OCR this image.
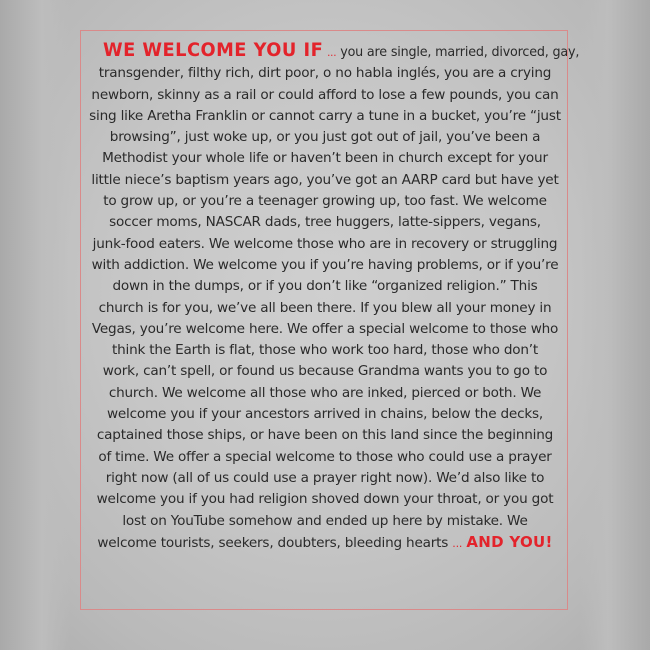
WE WELCOME YOU IF ... you are single, married, divorced, gay,
transgender, filthy rich, dirt poor, o no habla inglés, you are a crying
newborn, skinny as a rail or could afford to lose a few pounds, you can
sing like Aretha Franklin or cannot carry a tune in a bucket, you’re “just
browsing”, just woke up, or you just got out of jail, you’ve been a
Methodist your whole life or haven’t been in church except for your
little niece’s baptism years ago, you’ve got an AARP card but have yet
to grow up, or you’re a teenager growing up, too fast. We welcome
soccer moms, NASCAR dads, tree huggers, latte-sippers, vegans,
junk-food eaters. We welcome those who are in recovery or struggling
with addiction. We welcome you if you’re having problems, or if you’re
down in the dumps, or if you don’t like “organized religion.” This
church is for you, we’ve all been there. If you blew all your money in
Vegas, you’re welcome here. We offer a special welcome to those who
think the Earth is flat, those who work too hard, those who don’t
work, can’t spell, or found us because Grandma wants you to go to
church. We welcome all those who are inked, pierced or both. We
welcome you if your ancestors arrived in chains, below the decks,
captained those ships, or have been on this land since the beginning
of time. We offer a special welcome to those who could use a prayer
right now (all of us could use a prayer right now). We’d also like to
welcome you if you had religion shoved down your throat, or you got
lost on YouTube somehow and ended up here by mistake. We
welcome tourists, seekers, doubters, bleeding hearts ... AND YOU!
